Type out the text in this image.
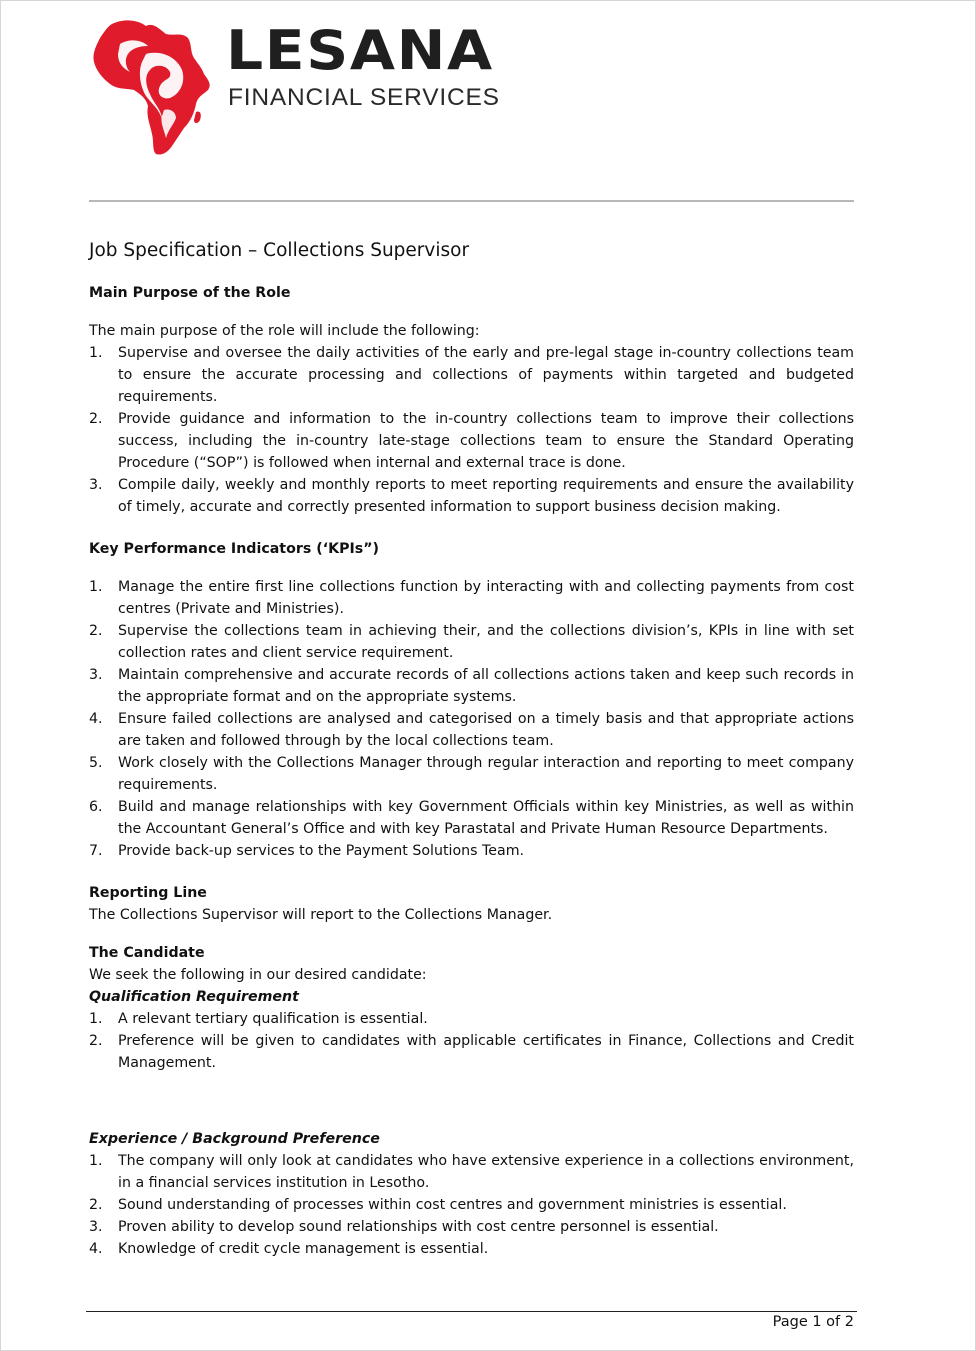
LESANA
FINANCIAL SERVICES
Job Specification – Collections Supervisor

Main Purpose of the Role

The main purpose of the role will include the following:

1. Supervise and oversee the daily activities of the early and pre-legal stage in-country collections team to ensure the accurate processing and collections of payments within targeted and budgeted requirements.
2. Provide guidance and information to the in-country collections team to improve their collections success, including the in-country late-stage collections team to ensure the Standard Operating Procedure (“SOP”) is followed when internal and external trace is done.
3. Compile daily, weekly and monthly reports to meet reporting requirements and ensure the availability of timely, accurate and correctly presented information to support business decision making.

Key Performance Indicators (‘KPIs”)

1. Manage the entire first line collections function by interacting with and collecting payments from cost centres (Private and Ministries).
2. Supervise the collections team in achieving their, and the collections division’s, KPIs in line with set collection rates and client service requirement.
3. Maintain comprehensive and accurate records of all collections actions taken and keep such records in the appropriate format and on the appropriate systems.
4. Ensure failed collections are analysed and categorised on a timely basis and that appropriate actions are taken and followed through by the local collections team.
5. Work closely with the Collections Manager through regular interaction and reporting to meet company requirements.
6. Build and manage relationships with key Government Officials within key Ministries, as well as within the Accountant General’s Office and with key Parastatal and Private Human Resource Departments.
7. Provide back-up services to the Payment Solutions Team.

Reporting Line

The Collections Supervisor will report to the Collections Manager.

The Candidate

We seek the following in our desired candidate:

Qualification Requirement

1. A relevant tertiary qualification is essential.
2. Preference will be given to candidates with applicable certificates in Finance, Collections and Credit Management.

Experience / Background Preference

1. The company will only look at candidates who have extensive experience in a collections environment, in a financial services institution in Lesotho.
2. Sound understanding of processes within cost centres and government ministries is essential.
3. Proven ability to develop sound relationships with cost centre personnel is essential.
4. Knowledge of credit cycle management is essential.
Page 1 of 2
